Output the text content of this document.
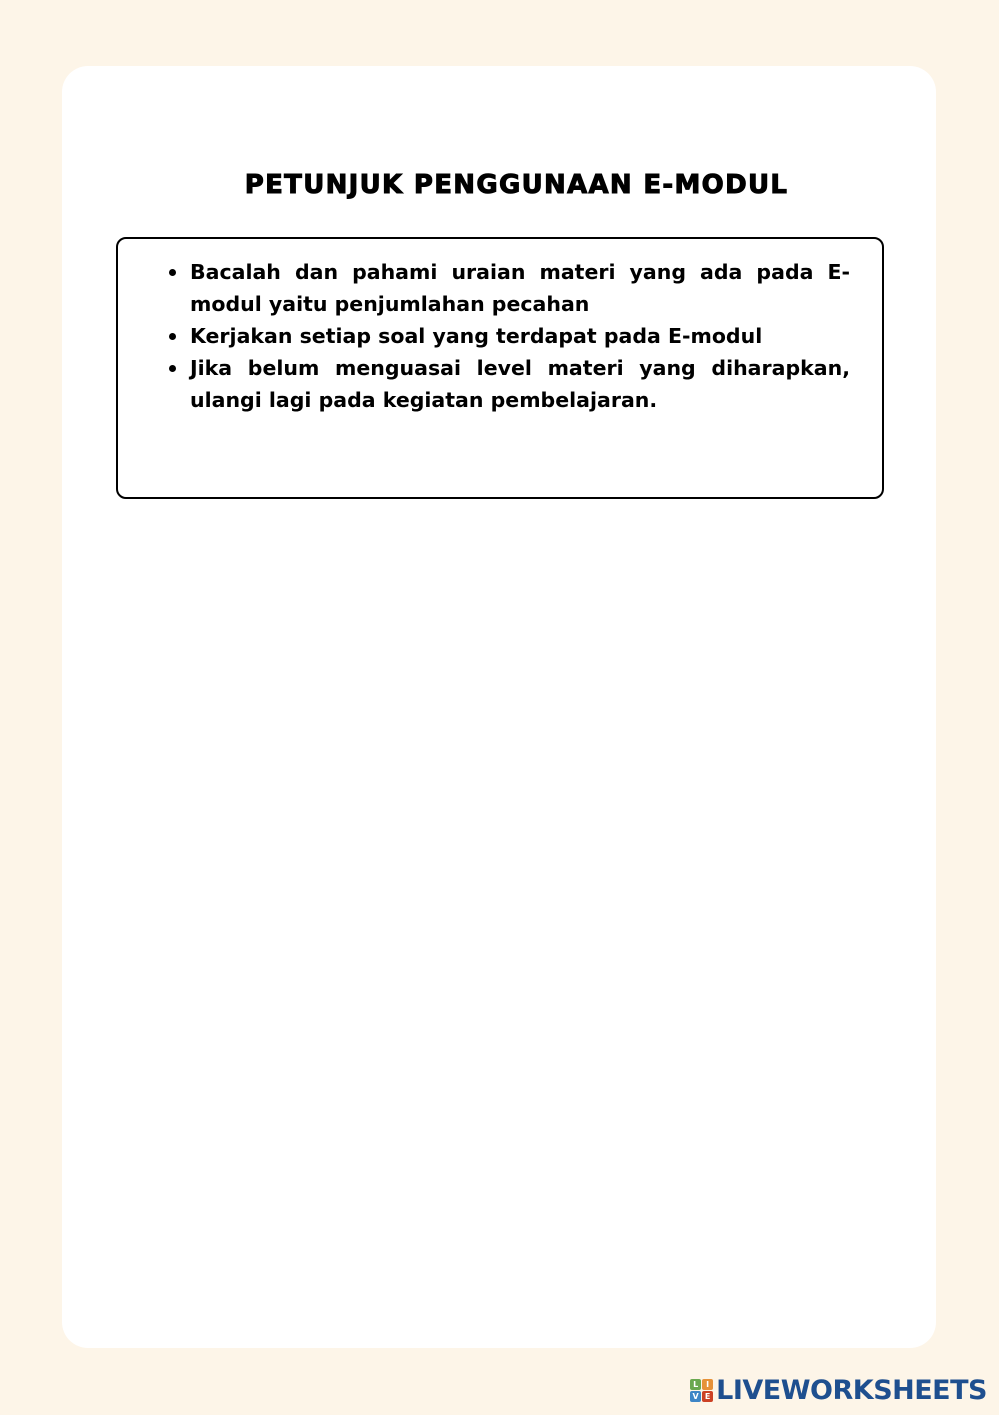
PETUNJUK PENGGUNAAN E-MODUL
Bacalah dan pahami uraian materi yang ada pada E-modul yaitu penjumlahan pecahan
Kerjakan setiap soal yang terdapat pada E-modul
Jika belum menguasai level materi yang diharapkan, ulangi lagi pada kegiatan pembelajaran.
L I
V E LIVEWORKSHEETS
